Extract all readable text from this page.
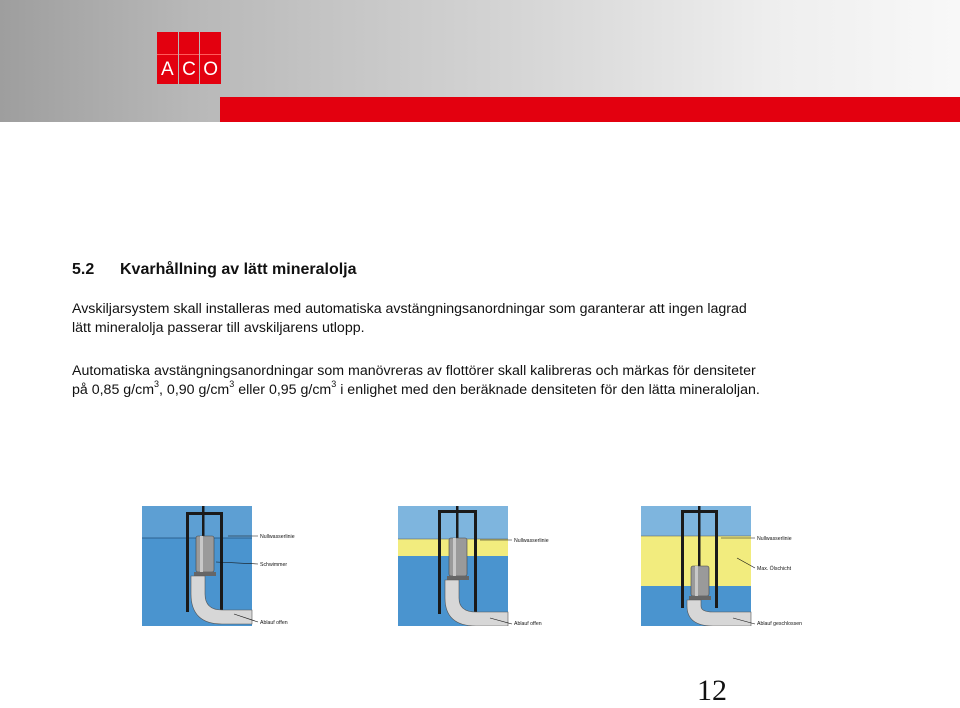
A C O
5.2 Kvarhållning av lätt mineralolja
Avskiljarsystem skall installeras med automatiska avstängningsanordningar som garanterar att ingen lagrad
lätt mineralolja passerar till avskiljarens utlopp.
Automatiska avstängningsanordningar som manövreras av flottörer skall kalibreras och märkas för densiteter
på 0,85 $g/cm^3$, 0,90 $g/cm^3$ eller 0,95 $g/cm^3$ i enlighet med den beräknade densiteten för den lätta mineraloljan.
Nullwasserlinie
Schwimmer
Ablauf offen
Nullwasserlinie
Ablauf offen
Nullwasserlinie
Max. Ölschicht
Ablauf geschlossen
12
